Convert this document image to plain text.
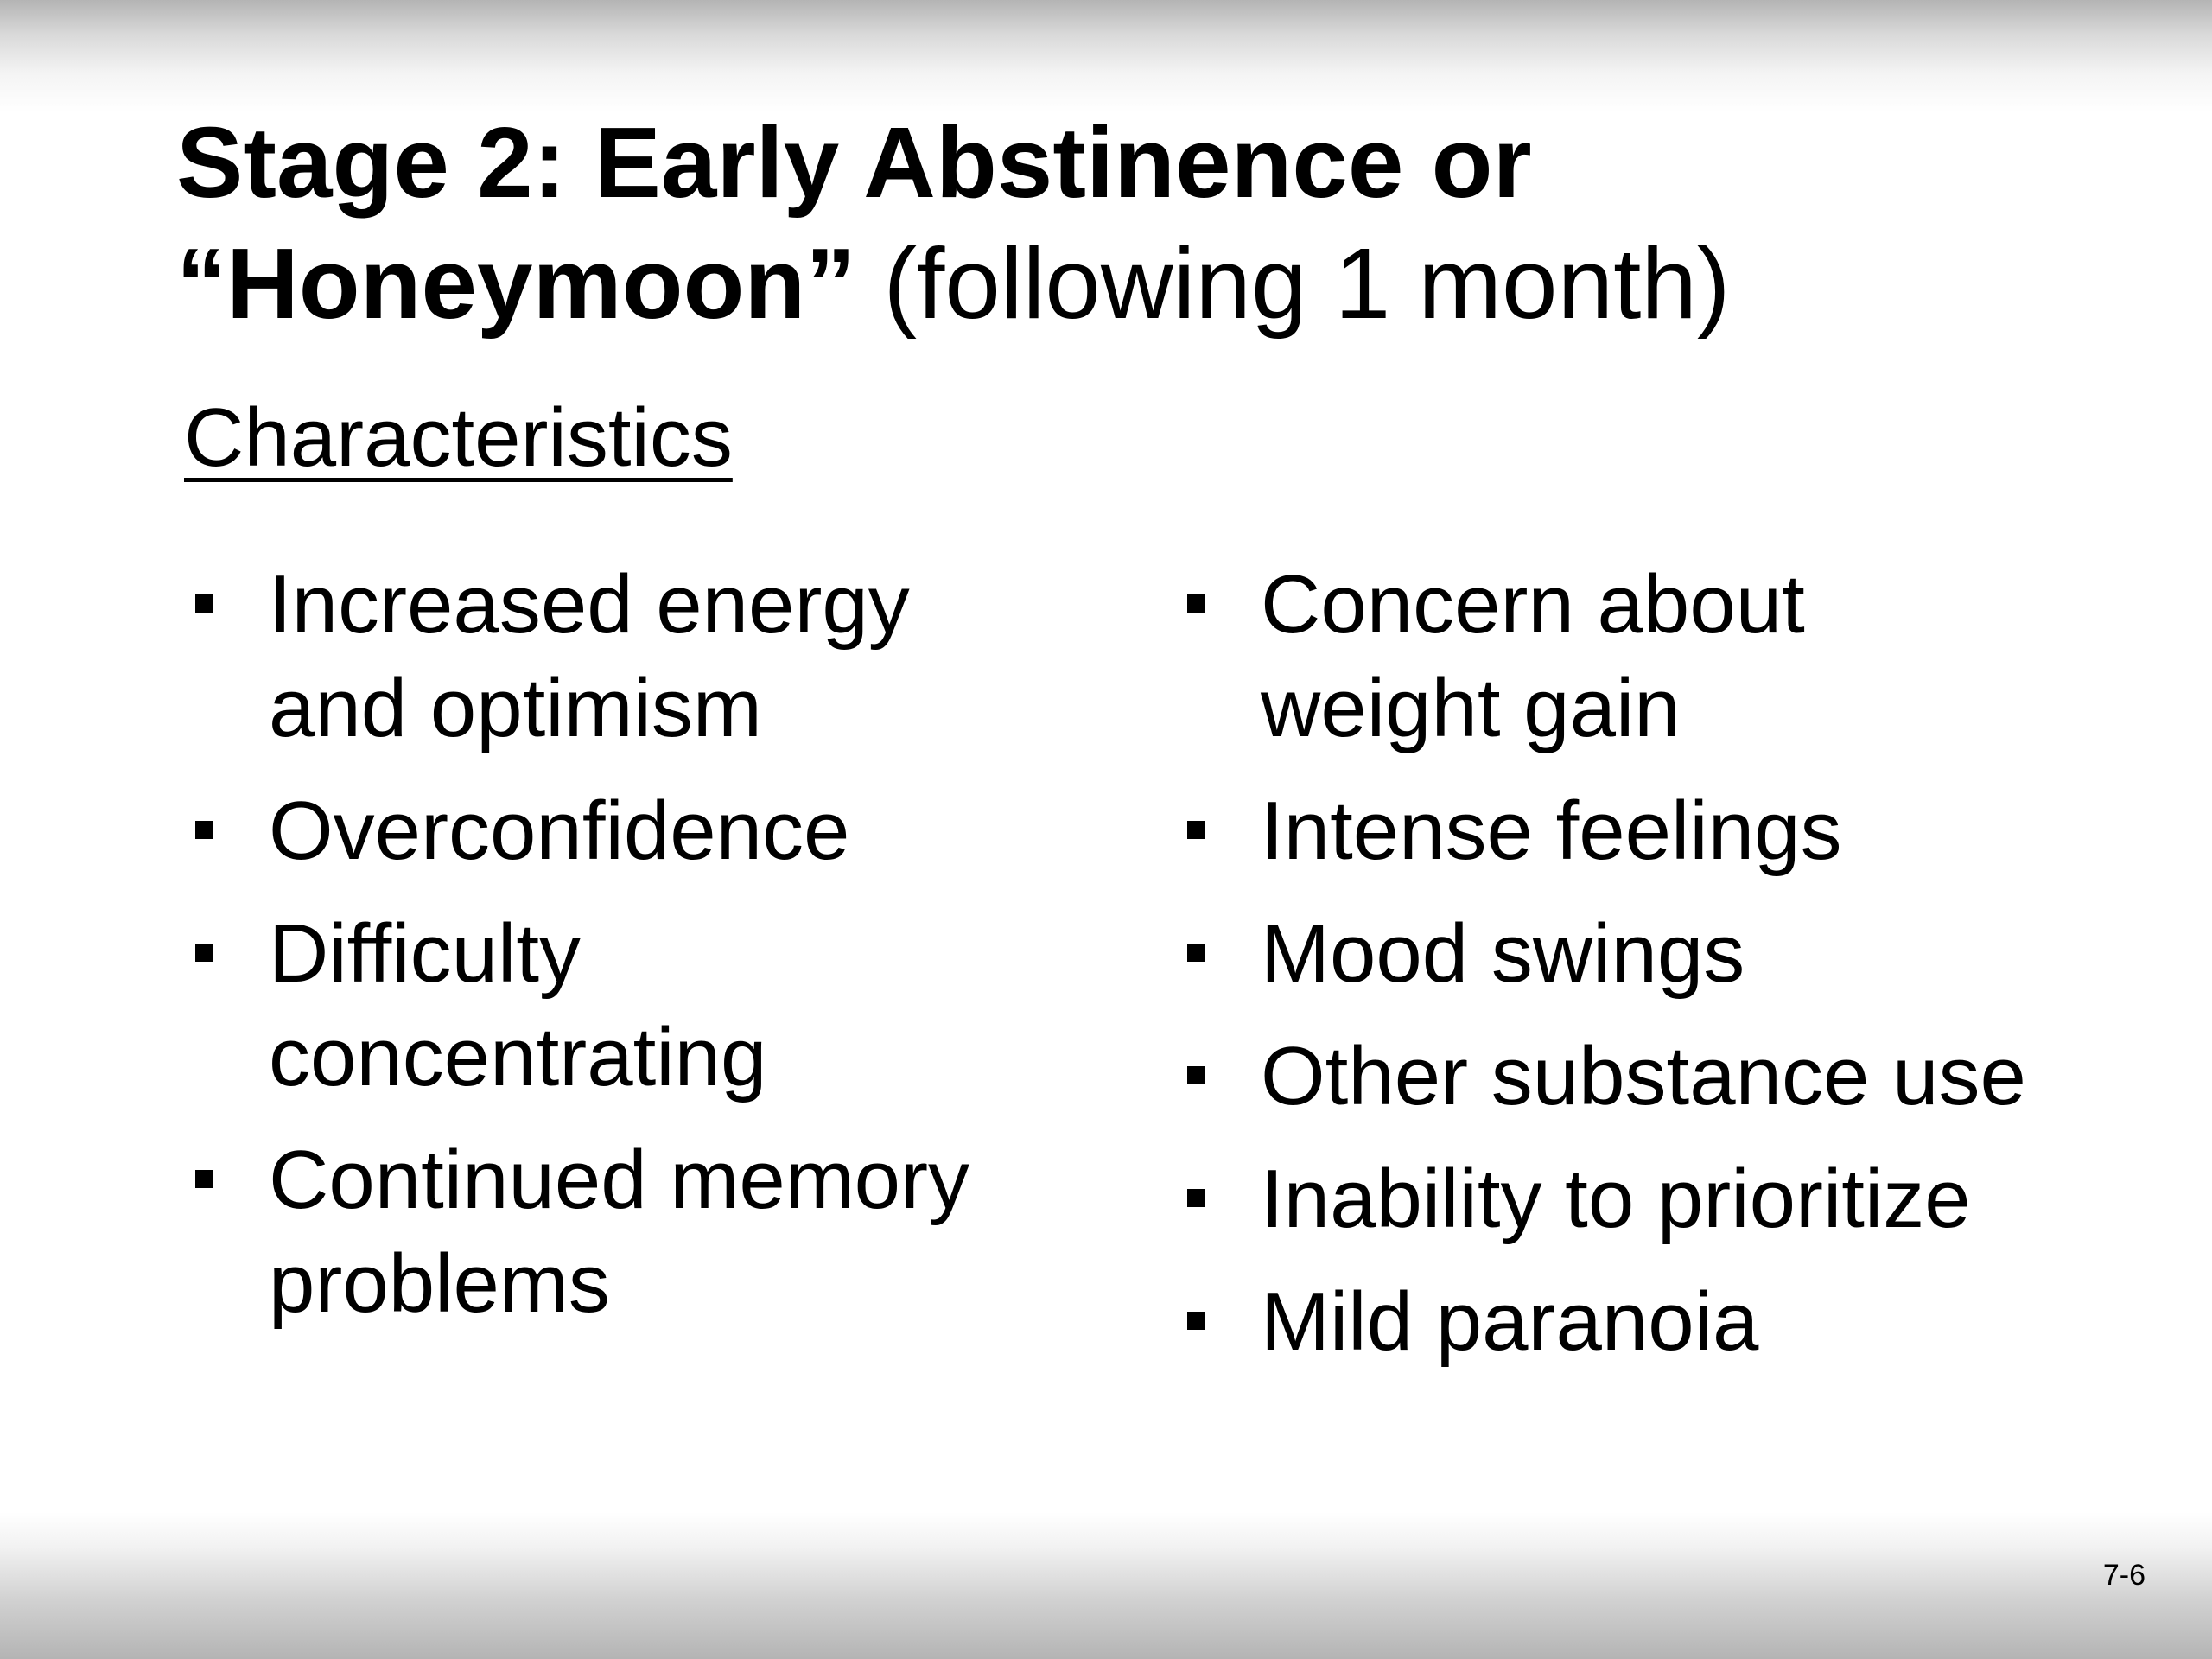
Stage 2: Early Abstinence or
“Honeymoon” (following 1 month)
Characteristics
Increased energy
and optimism
Overconfidence
Difficulty
concentrating
Continued memory
problems
Concern about
weight gain
Intense feelings
Mood swings
Other substance use
Inability to prioritize
Mild paranoia
7-6
